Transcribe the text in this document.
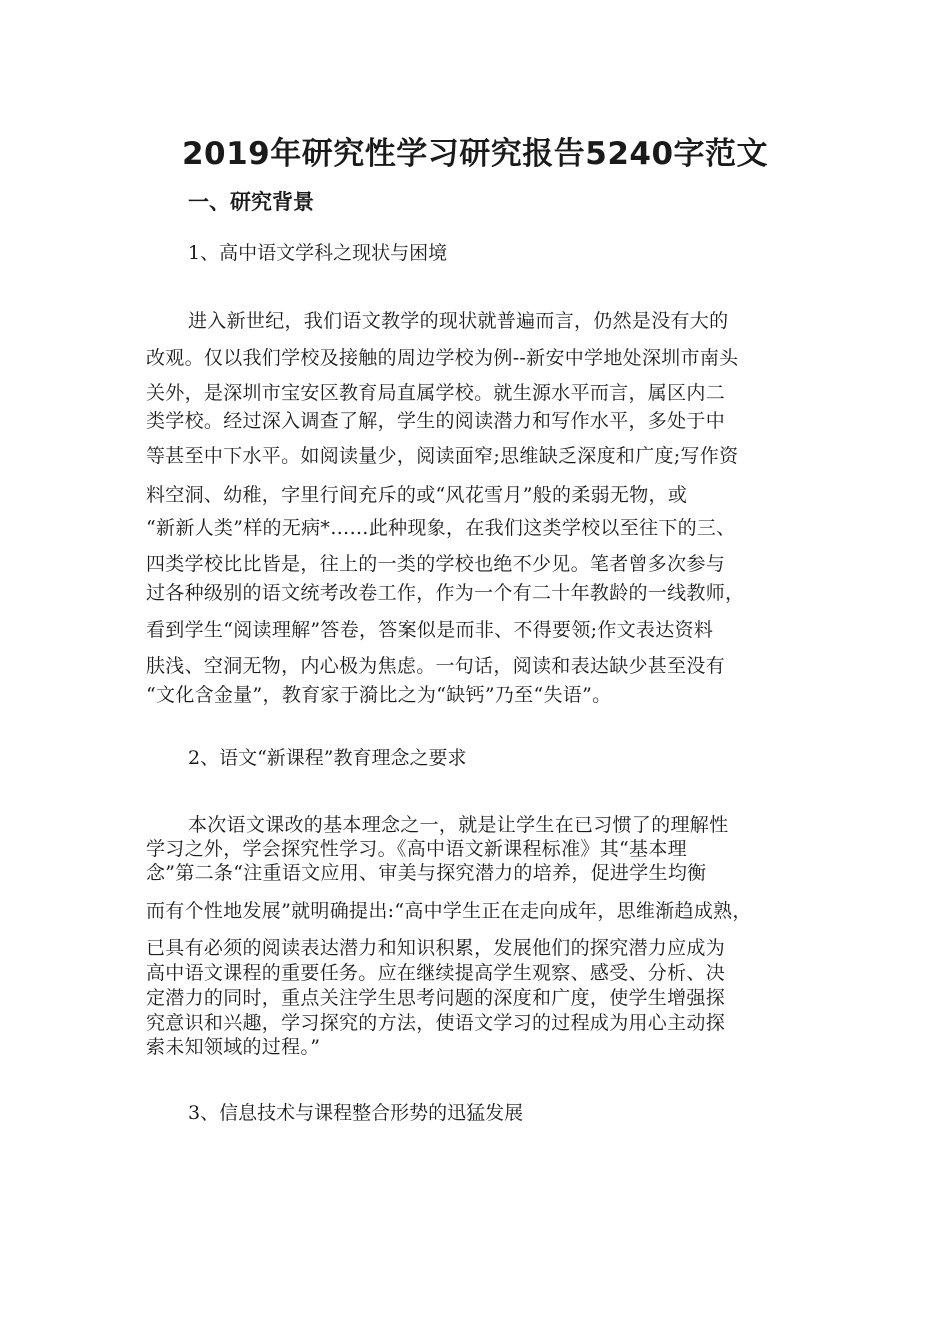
2019年研究性学习研究报告5240字范文
一、研究背景
1、高中语文学科之现状与困境
进入新世纪，我们语文教学的现状就普遍而言，仍然是没有大的
改观。仅以我们学校及接触的周边学校为例--新安中学地处深圳市南头
关外，是深圳市宝安区教育局直属学校。就生源水平而言，属区内二
类学校。经过深入调查了解，学生的阅读潜力和写作水平，多处于中
等甚至中下水平。如阅读量少，阅读面窄;思维缺乏深度和广度;写作资
料空洞、幼稚，字里行间充斥的或“风花雪月”般的柔弱无物，或
“新新人类”样的无病*……此种现象，在我们这类学校以至往下的三、
四类学校比比皆是，往上的一类的学校也绝不少见。笔者曾多次参与
过各种级别的语文统考改卷工作，作为一个有二十年教龄的一线教师，
看到学生“阅读理解”答卷，答案似是而非、不得要领;作文表达资料
肤浅、空洞无物，内心极为焦虑。一句话，阅读和表达缺少甚至没有
“文化含金量”，教育家于漪比之为“缺钙”乃至“失语”。
2、语文“新课程”教育理念之要求
本次语文课改的基本理念之一，就是让学生在已习惯了的理解性
学习之外，学会探究性学习。《高中语文新课程标准》其“基本理
念”第二条“注重语文应用、审美与探究潜力的培养，促进学生均衡
而有个性地发展”就明确提出:“高中学生正在走向成年，思维渐趋成熟，
已具有必须的阅读表达潜力和知识积累，发展他们的探究潜力应成为
高中语文课程的重要任务。应在继续提高学生观察、感受、分析、决
定潜力的同时，重点关注学生思考问题的深度和广度，使学生增强探
究意识和兴趣，学习探究的方法，使语文学习的过程成为用心主动探
索未知领域的过程。”
3、信息技术与课程整合形势的迅猛发展
